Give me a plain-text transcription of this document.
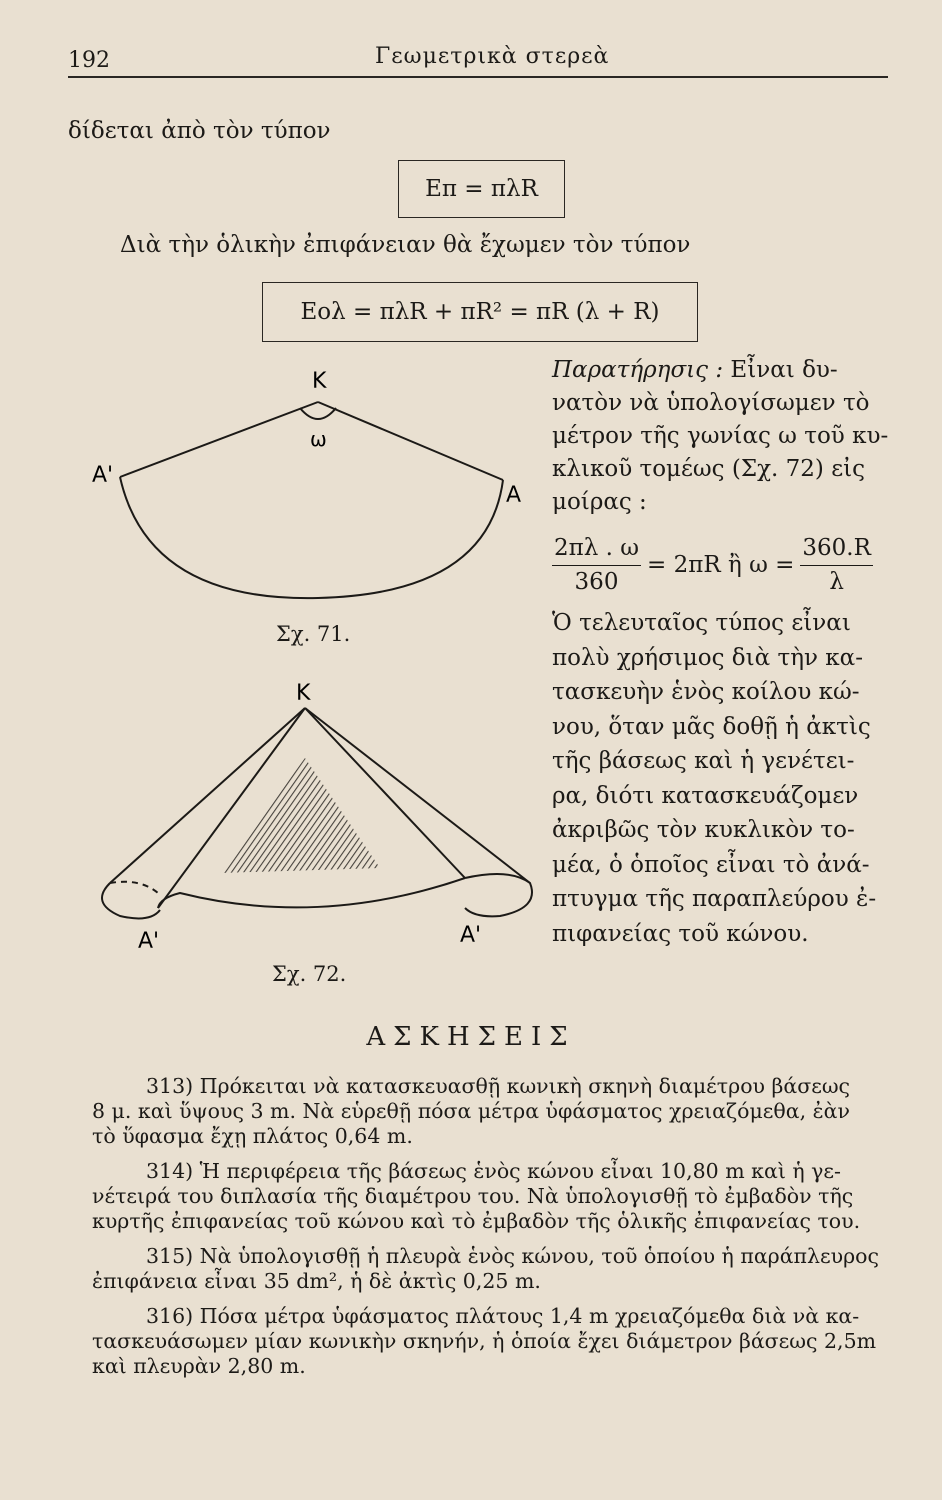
192	Γεωμετρικὰ στερεὰ
δίδεται ἀπὸ τὸν τύπον
Επ = πλR
Διὰ τὴν ὁλικὴν ἐπιφάνειαν θὰ ἔχωμεν τὸν τύπον
Εολ = πλR + πR² = πR (λ + R)
Κ
ω
Α'
Α
Σχ. 71.
Κ
Α'	Α'
Σχ. 72.
Παρατήρησις : Εἶναι δυ-
νατὸν νὰ ὑπολογίσωμεν τὸ
μέτρον τῆς γωνίας ω τοῦ κυ-
κλικοῦ τομέως (Σχ. 72) εἰς
μοίρας :
$\frac{2\pi\lambda . \omega}{360} = 2\pi R$ ἢ $\omega = \frac{360.R}{\lambda}$
Ὁ τελευταῖος τύπος εἶναι
πολὺ χρήσιμος διὰ τὴν κα-
τασκευὴν ἑνὸς κοίλου κώ-
νου, ὅταν μᾶς δοθῇ ἡ ἀκτὶς
τῆς βάσεως καὶ ἡ γενέτει-
ρα, διότι κατασκευάζομεν
ἀκριβῶς τὸν κυκλικὸν το-
μέα, ὁ ὁποῖος εἶναι τὸ ἀνά-
πτυγμα τῆς παραπλεύρου ἐ-
πιφανείας τοῦ κώνου.
ΑΣΚΗΣΕΙΣ
313) Πρόκειται νὰ κατασκευασθῇ κωνικὴ σκηνὴ διαμέτρου βάσεως
8 μ. καὶ ὕψους 3 m. Νὰ εὑρεθῇ πόσα μέτρα ὑφάσματος χρειαζόμεθα, ἐὰν
τὸ ὕφασμα ἔχῃ πλάτος 0,64 m.
314) Ἡ περιφέρεια τῆς βάσεως ἑνὸς κώνου εἶναι 10,80 m καὶ ἡ γε-
νέτειρά του διπλασία τῆς διαμέτρου του. Νὰ ὑπολογισθῇ τὸ ἐμβαδὸν τῆς
κυρτῆς ἐπιφανείας τοῦ κώνου καὶ τὸ ἐμβαδὸν τῆς ὁλικῆς ἐπιφανείας του.
315) Νὰ ὑπολογισθῇ ἡ πλευρὰ ἑνὸς κώνου, τοῦ ὁποίου ἡ παράπλευρος
ἐπιφάνεια εἶναι 35 dm², ἡ δὲ ἀκτὶς 0,25 m.
316) Πόσα μέτρα ὑφάσματος πλάτους 1,4 m χρειαζόμεθα διὰ νὰ κα-
τασκευάσωμεν μίαν κωνικὴν σκηνήν, ἡ ὁποία ἔχει διάμετρον βάσεως 2,5m
καὶ πλευρὰν 2,80 m.
